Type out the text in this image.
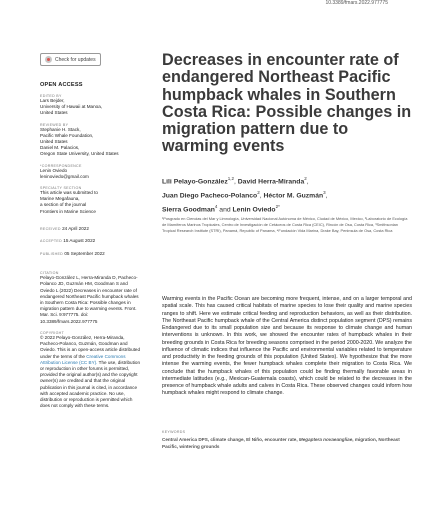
10.3389/fmars.2022.977775
Check for updates
OPEN ACCESS
EDITED BY
Lars Bejder,
University of Hawaii at Manoa,
United States
REVIEWED BY
Stephanie H. Stack,
Pacific Whale Foundation,
United States
Daniel M. Palacios,
Oregon State University, United States
*CORRESPONDENCE
Lenin Oviedo
leninoviedo@gmail.com
SPECIALTY SECTION
This article was submitted to
Marine Megafauna,
a section of the journal
Frontiers in Marine Science

RECEIVED 24 April 2022

ACCEPTED 15 August 2022

PUBLISHED 05 September 2022

CITATION
Pelayo-González L, Herra-Miranda D, Pacheco-Polanco JD, Guzmán HM, Goodman S and Oviedo L (2022) Decreases in encounter rate of endangered Northeast Pacific humpback whales in Southern Costa Rica: Possible changes in migration pattern due to warming events. Front. Mar. Sci. 9:977775. doi: 10.3389/fmars.2022.977775
COPYRIGHT
© 2022 Pelayo-González, Herra-Miranda, Pacheco-Polanco, Guzmán, Goodman and Oviedo. This is an open-access article distributed under the terms of the Creative Commons Attribution License (CC BY). The use, distribution or reproduction in other forums is permitted, provided the original author(s) and the copyright owner(s) are credited and that the original publication in this journal is cited, in accordance with accepted academic practice. No use, distribution or reproduction is permitted which does not comply with these terms.
Decreases in encounter rate of
endangered Northeast Pacific
humpback whales in Southern
Costa Rica: Possible changes in
migration pattern due to
warming events
Lili Pelayo-González$^{1,2}$, David Herra-Miranda$^2$,
Juan Diego Pacheco-Polanco$^2$, Héctor M. Guzmán$^3$,
Sierra Goodman$^4$ and Lenin Oviedo$^{2*}$

¹Posgrado en Ciencias del Mar y Limnología, Universidad Nacional Autónoma de México, Ciudad de México, Mexico, ²Laboratorio de Ecología de Mamíferos Marinos Tropicales, Centro de Investigación de Cetáceos de Costa Rica (CEIC), Rincón de Osa, Costa Rica, ³Smithsonian Tropical Research Institute (STRI), Panamá, Republic of Panama, ⁴Fundación Vida Marina, Drake Bay, Peninsula de Osa, Costa Rica

Warming events in the Pacific Ocean are becoming more frequent, intense, and on a larger temporal and spatial scale. This has caused critical habitats of marine species to lose their quality and marine species ranges to shift. Here we estimate critical feeding and reproduction behaviors, as well as their distribution. The Northeast Pacific humpback whale of the Central America distinct population segment (DPS) remains Endangered due to its small population size and because its response to climate change and human interventions is unknown. In this work, we showed the encounter rates of humpback whales in their breeding grounds in Costa Rica for breeding seasons comprised in the period 2000-2020. We analyze the influence of climatic indices that influence the Pacific and environmental variables related to temperature and productivity in the feeding grounds of this population (United States). We hypothesize that the more intense the warming events, the fewer humpback whales complete their migration to Costa Rica. We conclude that the humpback whales of this population could be finding thermally favorable areas in intermediate latitudes (e.g., Mexican-Guatemala coasts), which could be related to the decreases in the presence of humpback whale adults and calves in Costa Rica. These observed changes could inform how humpback whales might respond to climate change.

KEYWORDS
Central America DPS, climate change, El Niño, encounter rate, Megaptera novaeangliae, migration, Northeast Pacific, wintering grounds
